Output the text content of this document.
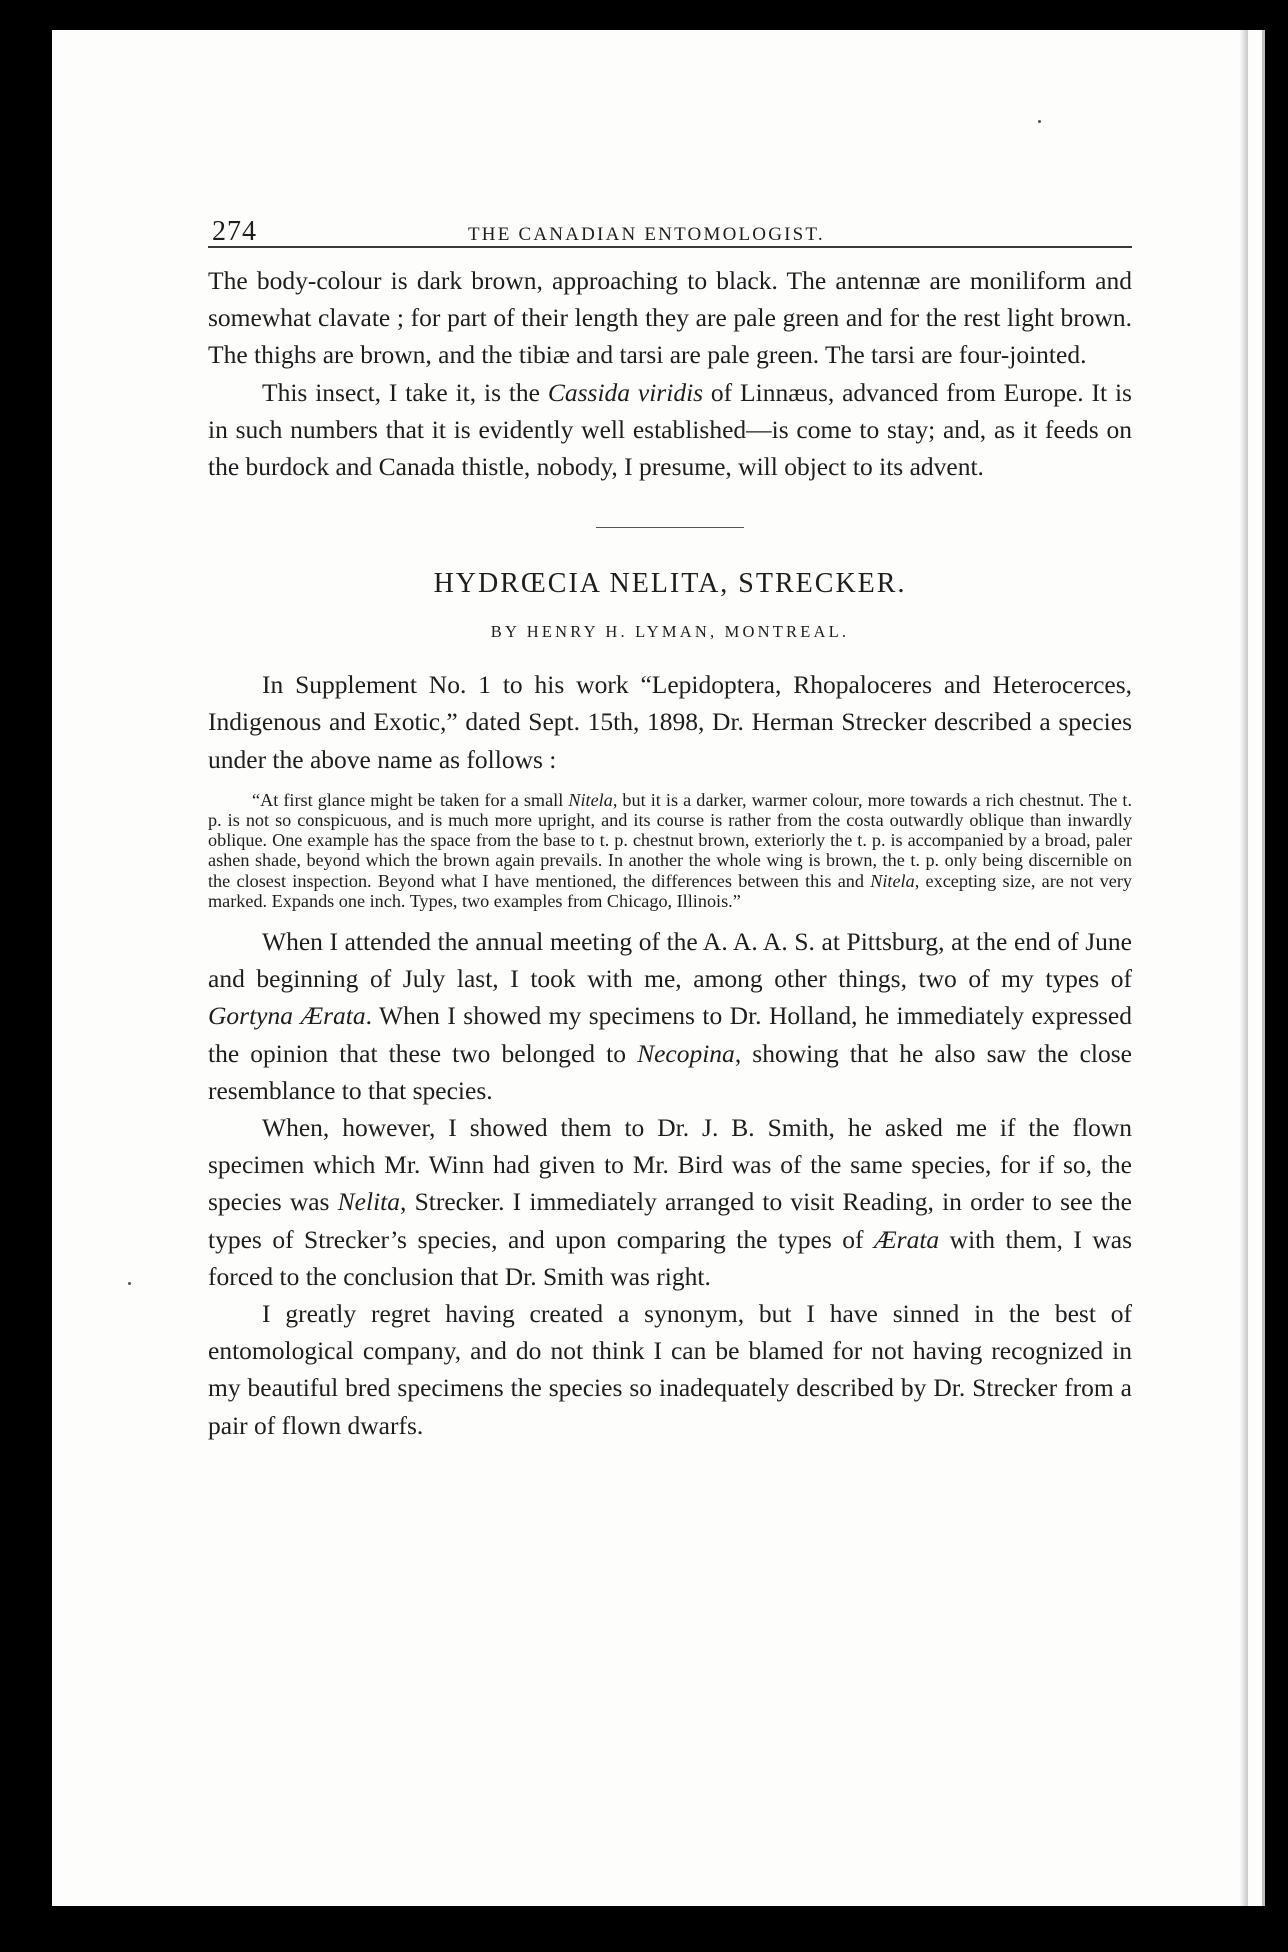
274	THE CANADIAN ENTOMOLOGIST.

The body-colour is dark brown, approaching to black. The antennæ are moniliform and somewhat clavate ; for part of their length they are pale green and for the rest light brown. The thighs are brown, and the tibiæ and tarsi are pale green. The tarsi are four-jointed.

This insect, I take it, is the Cassida viridis of Linnæus, advanced from Europe. It is in such numbers that it is evidently well established—is come to stay; and, as it feeds on the burdock and Canada thistle, nobody, I presume, will object to its advent.

HYDRŒCIA NELITA, STRECKER.
BY HENRY H. LYMAN, MONTREAL.

In Supplement No. 1 to his work “Lepidoptera, Rhopaloceres and Heterocerces, Indigenous and Exotic,” dated Sept. 15th, 1898, Dr. Herman Strecker described a species under the above name as follows :

“At first glance might be taken for a small Nitela, but it is a darker, warmer colour, more towards a rich chestnut. The t. p. is not so conspicuous, and is much more upright, and its course is rather from the costa outwardly oblique than inwardly oblique. One example has the space from the base to t. p. chestnut brown, exteriorly the t. p. is accompanied by a broad, paler ashen shade, beyond which the brown again prevails. In another the whole wing is brown, the t. p. only being discernible on the closest inspection. Beyond what I have mentioned, the differences between this and Nitela, excepting size, are not very marked. Expands one inch. Types, two examples from Chicago, Illinois.”

When I attended the annual meeting of the A. A. A. S. at Pittsburg, at the end of June and beginning of July last, I took with me, among other things, two of my types of Gortyna Ærata. When I showed my specimens to Dr. Holland, he immediately expressed the opinion that these two belonged to Necopina, showing that he also saw the close resemblance to that species.

When, however, I showed them to Dr. J. B. Smith, he asked me if the flown specimen which Mr. Winn had given to Mr. Bird was of the same species, for if so, the species was Nelita, Strecker. I immediately arranged to visit Reading, in order to see the types of Strecker’s species, and upon comparing the types of Ærata with them, I was forced to the conclusion that Dr. Smith was right.

I greatly regret having created a synonym, but I have sinned in the best of entomological company, and do not think I can be blamed for not having recognized in my beautiful bred specimens the species so inadequately described by Dr. Strecker from a pair of flown dwarfs.
